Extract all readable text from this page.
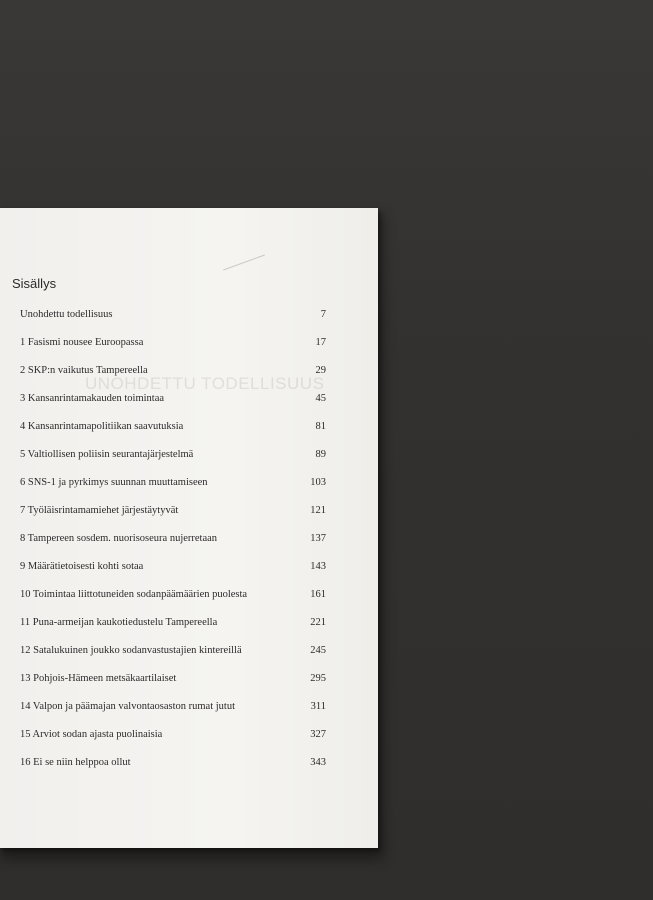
UNOHDETTU TODELLISUUS
Sisällys
Unohdettu todellisuus	7
1 Fasismi nousee Euroopassa	17
2 SKP:n vaikutus Tampereella	29
3 Kansanrintamakauden toimintaa	45
4 Kansanrintamapolitiikan saavutuksia	81
5 Valtiollisen poliisin seurantajärjestelmä	89
6 SNS-1 ja pyrkimys suunnan muuttamiseen	103
7 Työläisrintamamiehet järjestäytyvät	121
8 Tampereen sosdem. nuorisoseura nujerretaan	137
9 Määrätietoisesti kohti sotaa	143
10 Toimintaa liittotuneiden sodanpäämäärien puolesta	161
11 Puna-armeijan kaukotiedustelu Tampereella	221
12 Satalukuinen joukko sodanvastustajien kintereillä	245
13 Pohjois-Hämeen metsäkaartilaiset	295
14 Valpon ja päämajan valvontaosaston rumat jutut	311
15 Arviot sodan ajasta puolinaisia	327
16 Ei se niin helppoa ollut	343
